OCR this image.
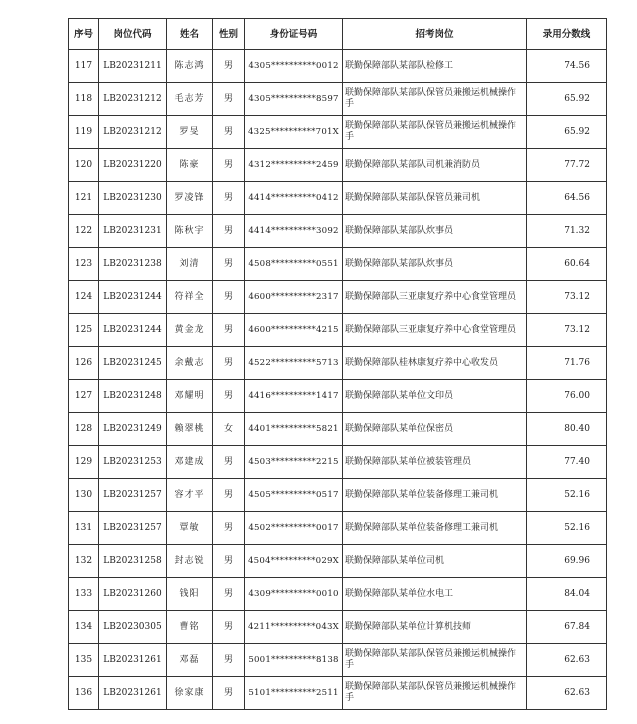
序号	岗位代码	姓名	性别	身份证号码	招考岗位	录用分数线
117	LB20231211	陈志鸿	男	4305**********0012	联勤保障部队某部队检修工	74.56
118	LB20231212	毛志芳	男	4305**********8597	联勤保障部队某部队保管员兼搬运机械操作手	65.92
119	LB20231212	罗旻	男	4325**********701X	联勤保障部队某部队保管员兼搬运机械操作手	65.92
120	LB20231220	陈豪	男	4312**********2459	联勤保障部队某部队司机兼消防员	77.72
121	LB20231230	罗凌锋	男	4414**********0412	联勤保障部队某部队保管员兼司机	64.56
122	LB20231231	陈秋宇	男	4414**********3092	联勤保障部队某部队炊事员	71.32
123	LB20231238	刘清	男	4508**********0551	联勤保障部队某部队炊事员	60.64
124	LB20231244	符祥全	男	4600**********2317	联勤保障部队三亚康复疗养中心食堂管理员	73.12
125	LB20231244	黄金龙	男	4600**********4215	联勤保障部队三亚康复疗养中心食堂管理员	73.12
126	LB20231245	余戴志	男	4522**********5713	联勤保障部队桂林康复疗养中心收发员	71.76
127	LB20231248	邓耀明	男	4416**********1417	联勤保障部队某单位文印员	76.00
128	LB20231249	赖翠桃	女	4401**********5821	联勤保障部队某单位保密员	80.40
129	LB20231253	邓建成	男	4503**********2215	联勤保障部队某单位被装管理员	77.40
130	LB20231257	容才平	男	4505**********0517	联勤保障部队某单位装备修理工兼司机	52.16
131	LB20231257	覃敏	男	4502**********0017	联勤保障部队某单位装备修理工兼司机	52.16
132	LB20231258	封志锐	男	4504**********029X	联勤保障部队某单位司机	69.96
133	LB20231260	钱阳	男	4309**********0010	联勤保障部队某单位水电工	84.04
134	LB20230305	曹铭	男	4211**********043X	联勤保障部队某单位计算机技师	67.84
135	LB20231261	邓磊	男	5001**********8138	联勤保障部队某部队保管员兼搬运机械操作手	62.63
136	LB20231261	徐家康	男	5101**********2511	联勤保障部队某部队保管员兼搬运机械操作手	62.63
